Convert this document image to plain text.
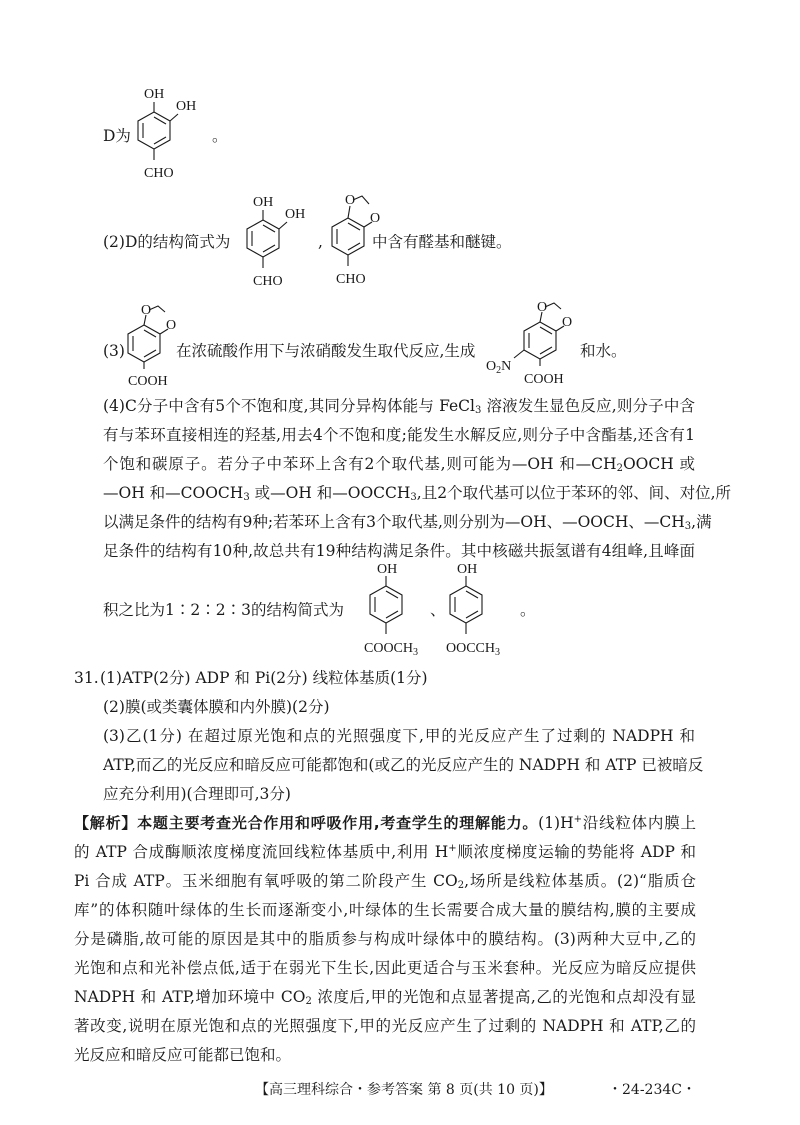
D为
OH
OH
CHO
。
(2)D的结构简式为
OH
OH
CHO
,
O
O
CHO
中含有醛基和醚键。
(3)
O
O
COOH
在浓硫酸作用下与浓硝酸发生取代反应,生成
O
O
$O_2N$
COOH
和水。
(4)C分子中含有5个不饱和度,其同分异构体能与 FeCl$_3$ 溶液发生显色反应,则分子中含
有与苯环直接相连的羟基,用去4个不饱和度;能发生水解反应,则分子中含酯基,还含有1
个饱和碳原子。若分子中苯环上含有2个取代基,则可能为—OH 和$—CH_2OOCH$ 或
—OH 和$—COOCH_3$ 或—OH 和$—OOCCH_3$,且2个取代基可以位于苯环的邻、间、对位,所
以满足条件的结构有9种;若苯环上含有3个取代基,则分别为—OH、—OOCH、$—CH_3$,满
足条件的结构有10种,故总共有19种结构满足条件。其中核磁共振氢谱有4组峰,且峰面
积之比为1∶2∶2∶3的结构简式为
OH
$COOCH_3$
、
OH
$OOCCH_3$
。
31. (1)ATP(2分) ADP 和 Pi(2分) 线粒体基质(1分)
(2)膜(或类囊体膜和内外膜)(2分)
(3)乙(1分) 在超过原光饱和点的光照强度下,甲的光反应产生了过剩的 NADPH 和
ATP,而乙的光反应和暗反应可能都饱和(或乙的光反应产生的 NADPH 和 ATP 已被暗反
应充分利用)(合理即可,3分)
【解析】本题主要考查光合作用和呼吸作用,考查学生的理解能力。(1)H+沿线粒体内膜上
的 ATP 合成酶顺浓度梯度流回线粒体基质中,利用 H+顺浓度梯度运输的势能将 ADP 和
Pi 合成 ATP。玉米细胞有氧呼吸的第二阶段产生 $CO_2$,场所是线粒体基质。(2)“脂质仓
库”的体积随叶绿体的生长而逐渐变小,叶绿体的生长需要合成大量的膜结构,膜的主要成
分是磷脂,故可能的原因是其中的脂质参与构成叶绿体中的膜结构。(3)两种大豆中,乙的
光饱和点和光补偿点低,适于在弱光下生长,因此更适合与玉米套种。光反应为暗反应提供
NADPH 和 ATP,增加环境中 $CO_2$ 浓度后,甲的光饱和点显著提高,乙的光饱和点却没有显
著改变,说明在原光饱和点的光照强度下,甲的光反应产生了过剩的 NADPH 和 ATP,乙的
光反应和暗反应可能都已饱和。
【高三理科综合・参考答案 第 8 页(共 10 页)】	・24-234C・
